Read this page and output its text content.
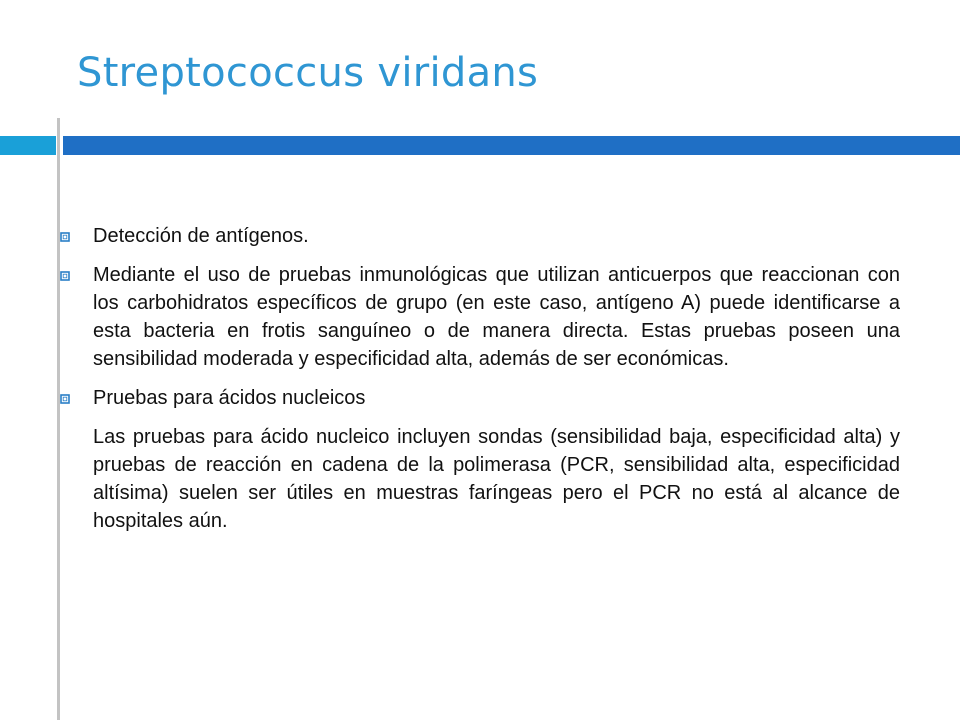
Streptococcus viridans

Detección de antígenos.

Mediante el uso de pruebas inmunológicas que utilizan anticuerpos que reaccionan con los carbohidratos específicos de grupo (en este caso, antígeno A) puede identificarse a esta bacteria en frotis sanguíneo o de manera directa. Estas pruebas poseen una sensibilidad moderada y especificidad alta, además de ser económicas.

Pruebas para ácidos nucleicos

Las pruebas para ácido nucleico incluyen sondas (sensibilidad baja, especificidad alta) y pruebas de reacción en cadena de la polimerasa (PCR, sensibilidad alta, especificidad altísima) suelen ser útiles en muestras faríngeas pero el PCR no está al alcance de hospitales aún.
